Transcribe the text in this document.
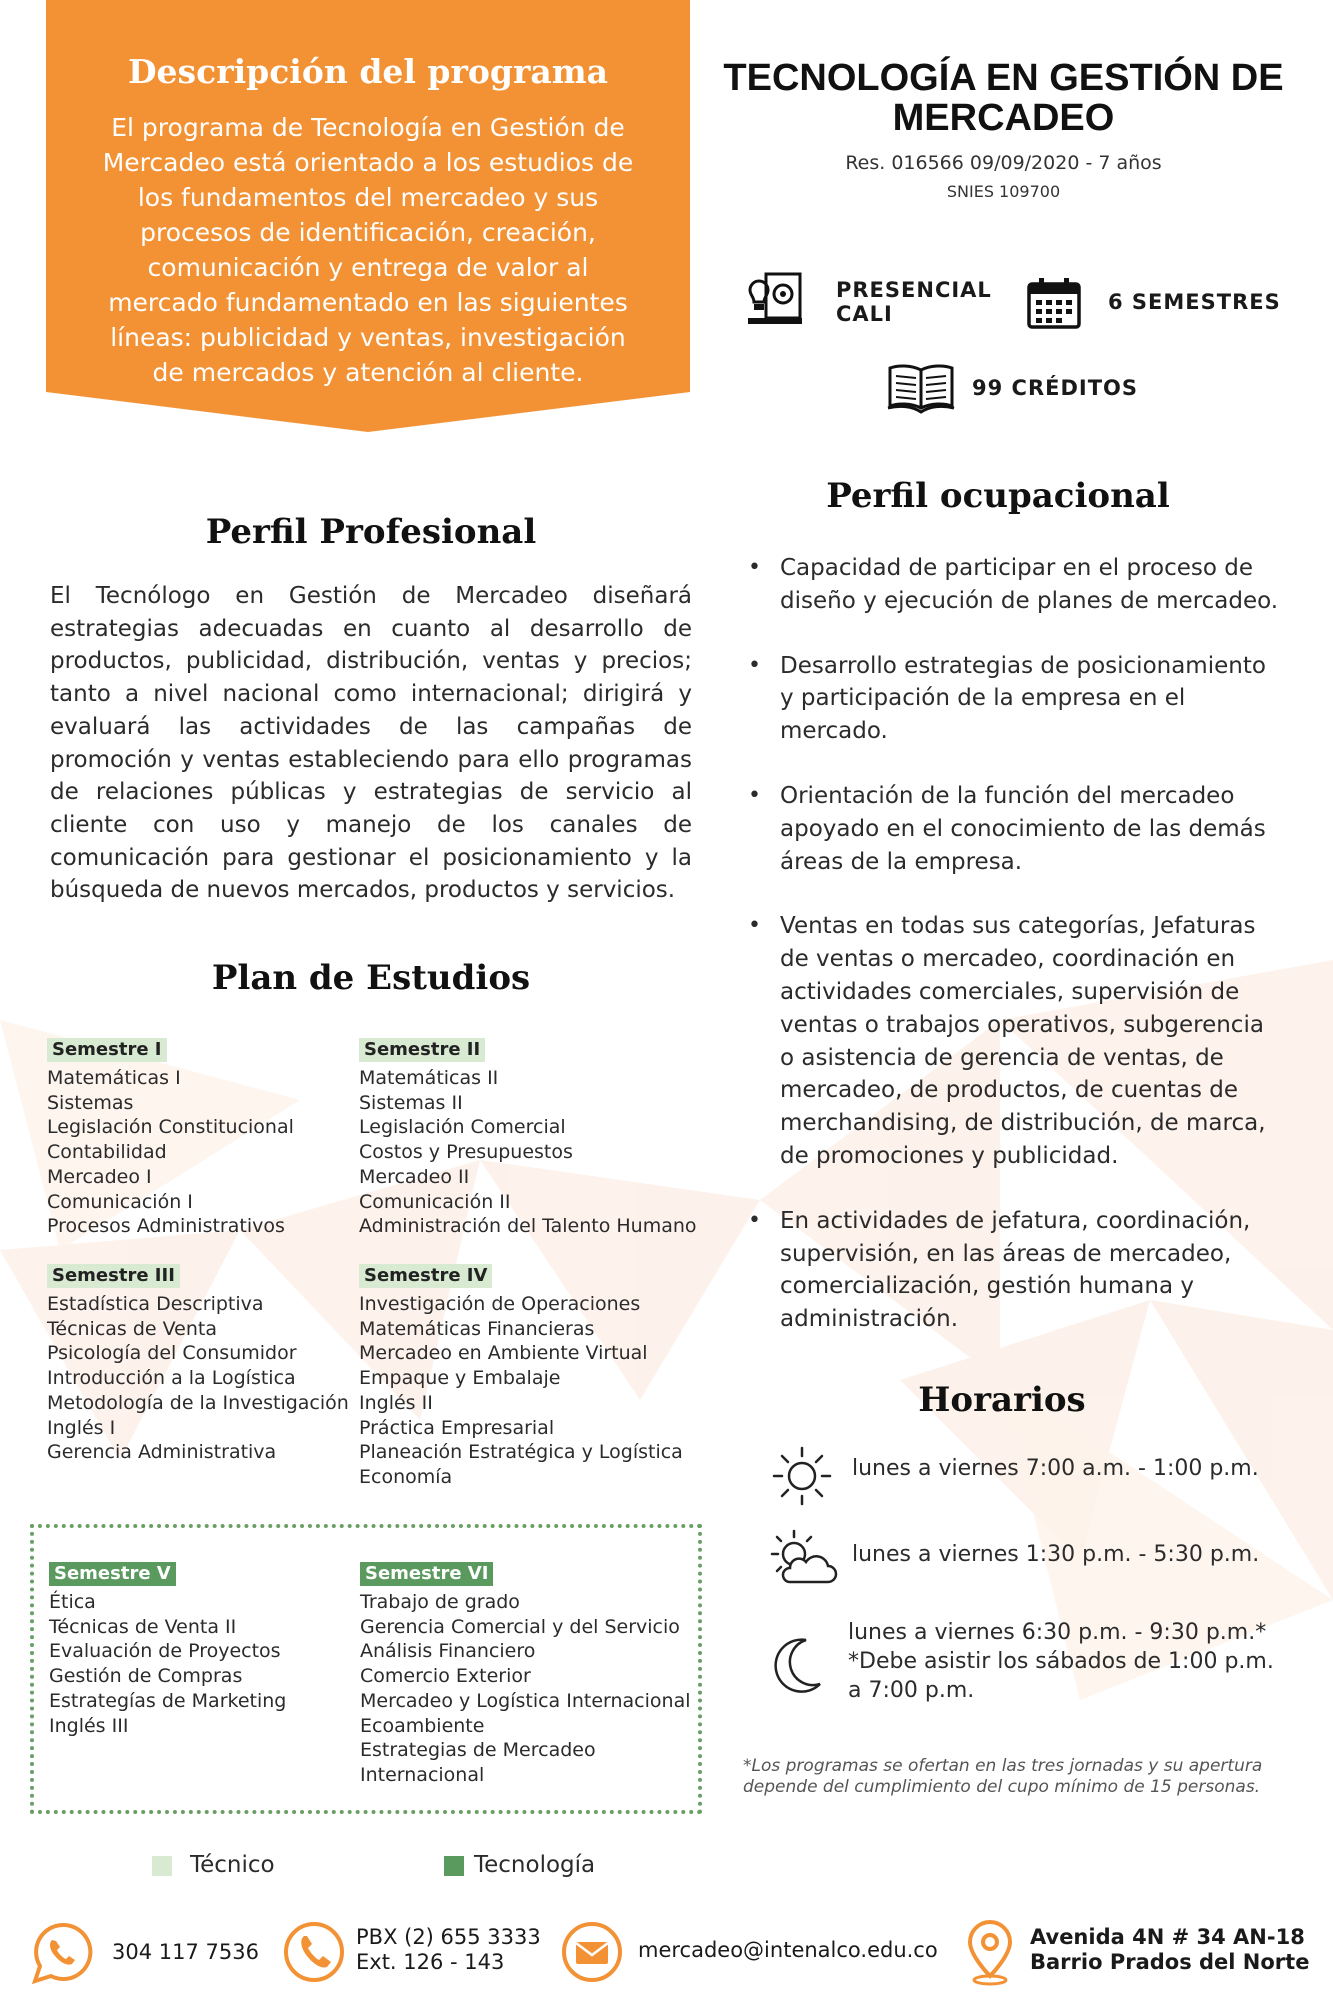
Descripción del programa
El programa de Tecnología en Gestión de Mercadeo está orientado a los estudios de los fundamentos del mercadeo y sus procesos de identificación, creación, comunicación y entrega de valor al mercado fundamentado en las siguientes líneas: publicidad y ventas, investigación de mercados y atención al cliente.
TECNOLOGÍA EN GESTIÓN DE
MERCADEO
Res. 016566 09/09/2020 - 7 años
SNIES 109700
PRESENCIAL
CALI	6 SEMESTRES
99 CRÉDITOS
Perfil Profesional
El Tecnólogo en Gestión de Mercadeo diseñará estrategias adecuadas en cuanto al desarrollo de productos, publicidad, distribución, ventas y precios; tanto a nivel nacional como internacional; dirigirá y evaluará las actividades de las campañas de promoción y ventas estableciendo para ello programas de relaciones públicas y estrategias de servicio al cliente con uso y manejo de los canales de comunicación para gestionar el posicionamiento y la búsqueda de nuevos mercados, productos y servicios.
Perfil ocupacional
• Capacidad de participar en el proceso de diseño y ejecución de planes de mercadeo.
• Desarrollo estrategias de posicionamiento y participación de la empresa en el mercado.
• Orientación de la función del mercadeo apoyado en el conocimiento de las demás áreas de la empresa.
• Ventas en todas sus categorías, Jefaturas de ventas o mercadeo, coordinación en actividades comerciales, supervisión de ventas o trabajos operativos, subgerencia o asistencia de gerencia de ventas, de mercadeo, de productos, de cuentas de merchandising, de distribución, de marca, de promociones y publicidad.
• En actividades de jefatura, coordinación, supervisión, en las áreas de mercadeo, comercialización, gestión humana y administración.
Plan de Estudios
Semestre I
Matemáticas I
Sistemas
Legislación Constitucional
Contabilidad
Mercadeo I
Comunicación I
Procesos Administrativos
Semestre II
Matemáticas II
Sistemas II
Legislación Comercial
Costos y Presupuestos
Mercadeo II
Comunicación II
Administración del Talento Humano
Semestre III
Estadística Descriptiva
Técnicas de Venta
Psicología del Consumidor
Introducción a la Logística
Metodología de la Investigación
Inglés I
Gerencia Administrativa
Semestre IV
Investigación de Operaciones
Matemáticas Financieras
Mercadeo en Ambiente Virtual
Empaque y Embalaje
Inglés II
Práctica Empresarial
Planeación Estratégica y Logística
Economía
Semestre V
Ética
Técnicas de Venta II
Evaluación de Proyectos
Gestión de Compras
Estrategías de Marketing
Inglés III
Semestre VI
Trabajo de grado
Gerencia Comercial y del Servicio
Análisis Financiero
Comercio Exterior
Mercadeo y Logística Internacional
Ecoambiente
Estrategias de Mercadeo
Internacional
Técnico	Tecnología
Horarios
lunes a viernes 7:00 a.m. - 1:00 p.m.
lunes a viernes 1:30 p.m. - 5:30 p.m.
lunes a viernes 6:30 p.m. - 9:30 p.m.*
*Debe asistir los sábados de 1:00 p.m.
a 7:00 p.m.
*Los programas se ofertan en las tres jornadas y su apertura depende del cumplimiento del cupo mínimo de 15 personas.
304 117 7536
PBX (2) 655 3333
Ext. 126 - 143	mercadeo@intenalco.edu.co
Avenida 4N # 34 AN-18
Barrio Prados del Norte
